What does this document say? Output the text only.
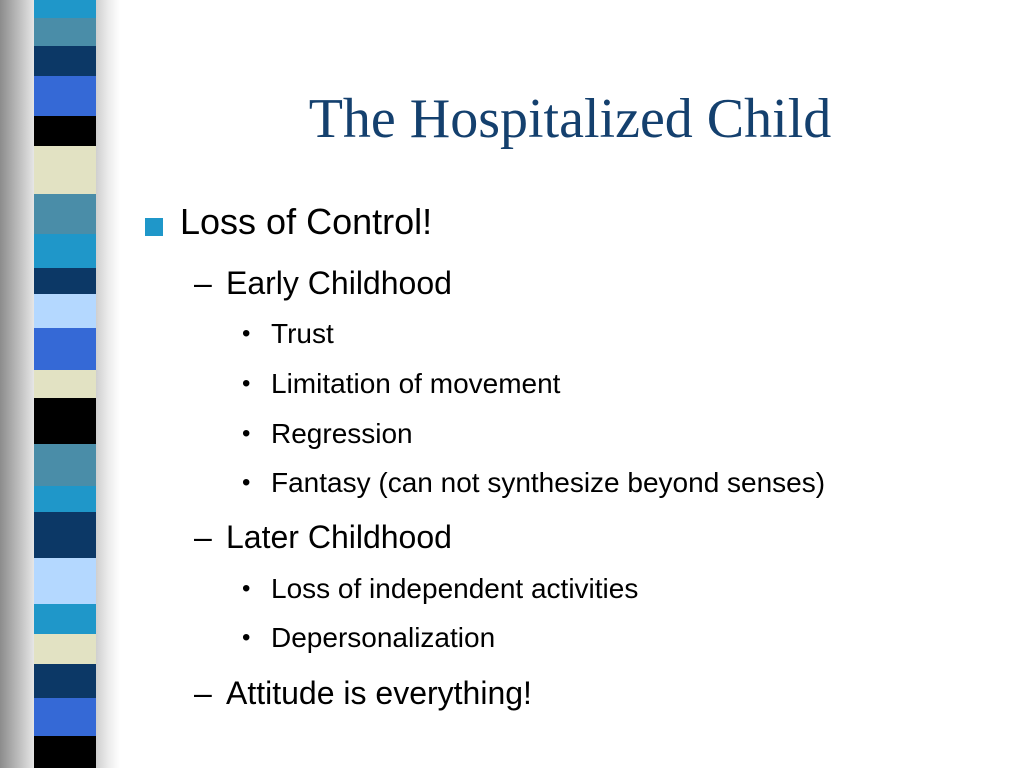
The Hospitalized Child
Loss of Control!
– Early Childhood
• Trust
• Limitation of movement
• Regression
• Fantasy (can not synthesize beyond senses)
– Later Childhood
• Loss of independent activities
• Depersonalization
– Attitude is everything!
